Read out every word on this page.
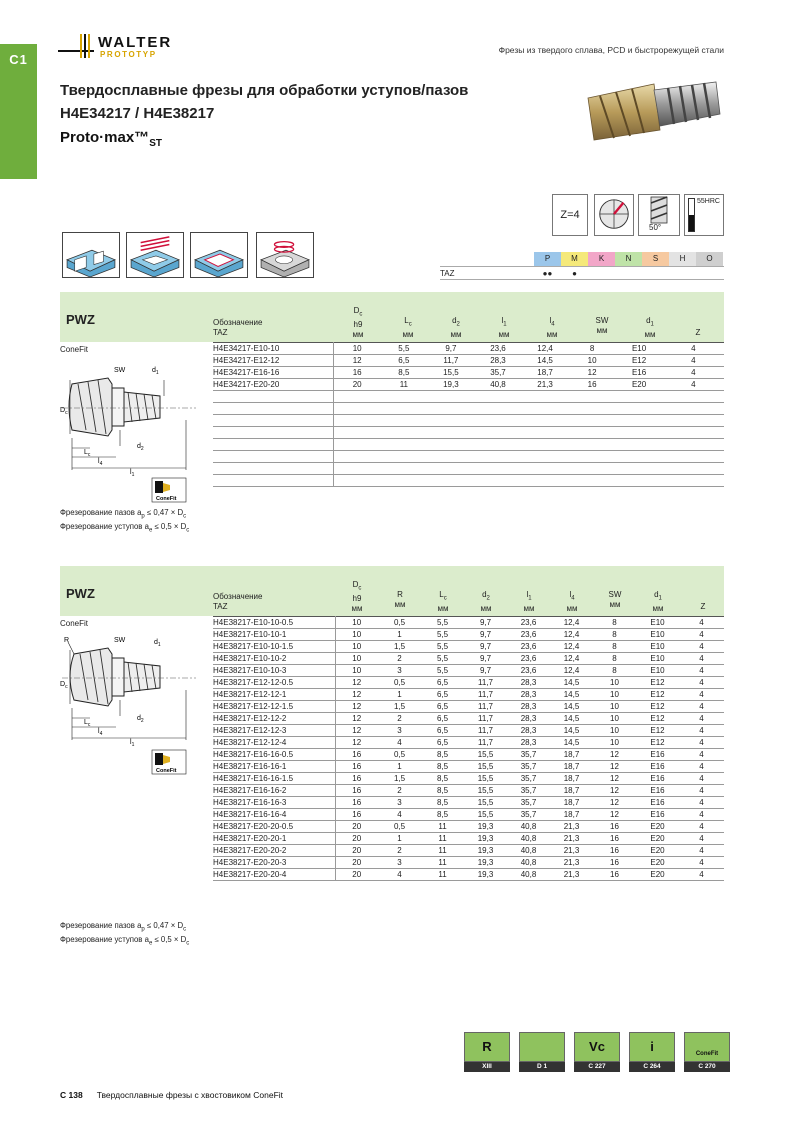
C1
WALTER
PROTOTYP	Фрезы из твердого сплава, PCD и быстрорежущей стали
Твердосплавные фрезы для обработки уступов/пазов
H4E34217 / H4E38217
$Proto\cdot\max™_{ST}$
Z=4
50°
55HRC
P	M	K	N	S	H	O
TAZ	●●	●
PWZ	Обозначение
TAZ
$D_c$
h9
мм
$L_c$
мм
$d_2$
мм
$l_1$
мм
$l_4$
мм
SW
мм
$d_1$
мм	Z
ConeFit	H4E34217-E10-10	10	5,5	9,7	23,6	12,4	8	E10	4
H4E34217-E12-12	12	6,5	11,7	28,3	14,5	10	E12	4
H4E34217-E16-16	16	8,5	15,5	35,7	18,7	12	E16	4
H4E34217-E20-20	20	11	19,3	40,8	21,3	16	E20	4

SW	$d_1$
$D_c$
$d_2$
$L_c$
$l_4$
$l_1$
ConeFit
Фрезерование пазов $a_p \le 0,47 \times D_c$
Фрезерование уступов $a_e \le 0,5 \times D_c$
PWZ	Обозначение
TAZ
$D_c$
h9
мм
R
мм
$L_c$
мм
$d_2$
мм
$l_1$
мм
$l_4$
мм
SW
мм
$d_1$
мм	Z
ConeFit	H4E38217-E10-10-0.5	10	0,5	5,5	9,7	23,6	12,4	8	E10	4
H4E38217-E10-10-1	10	1	5,5	9,7	23,6	12,4	8	E10	4
H4E38217-E10-10-1.5	10	1,5	5,5	9,7	23,6	12,4	8	E10	4
H4E38217-E10-10-2	10	2	5,5	9,7	23,6	12,4	8	E10	4
H4E38217-E10-10-3	10	3	5,5	9,7	23,6	12,4	8	E10	4
H4E38217-E12-12-0.5	12	0,5	6,5	11,7	28,3	14,5	10	E12	4
H4E38217-E12-12-1	12	1	6,5	11,7	28,3	14,5	10	E12	4
H4E38217-E12-12-1.5	12	1,5	6,5	11,7	28,3	14,5	10	E12	4
H4E38217-E12-12-2	12	2	6,5	11,7	28,3	14,5	10	E12	4
H4E38217-E12-12-3	12	3	6,5	11,7	28,3	14,5	10	E12	4
H4E38217-E12-12-4	12	4	6,5	11,7	28,3	14,5	10	E12	4
H4E38217-E16-16-0.5	16	0,5	8,5	15,5	35,7	18,7	12	E16	4
H4E38217-E16-16-1	16	1	8,5	15,5	35,7	18,7	12	E16	4
H4E38217-E16-16-1.5	16	1,5	8,5	15,5	35,7	18,7	12	E16	4
H4E38217-E16-16-2	16	2	8,5	15,5	35,7	18,7	12	E16	4
H4E38217-E16-16-3	16	3	8,5	15,5	35,7	18,7	12	E16	4
H4E38217-E16-16-4	16	4	8,5	15,5	35,7	18,7	12	E16	4
H4E38217-E20-20-0.5	20	0,5	11	19,3	40,8	21,3	16	E20	4
H4E38217-E20-20-1	20	1	11	19,3	40,8	21,3	16	E20	4
H4E38217-E20-20-2	20	2	11	19,3	40,8	21,3	16	E20	4
H4E38217-E20-20-3	20	3	11	19,3	40,8	21,3	16	E20	4
H4E38217-E20-20-4	20	4	11	19,3	40,8	21,3	16	E20	4
R	SW	$d_1$
$D_c$
$d_2$
$L_c$
$l_4$
$l_1$
ConeFit
Фрезерование пазов $a_p \le 0,47 \times D_c$
Фрезерование уступов $a_e \le 0,5 \times D_c$
R
XIII	D 1
Vc
C 227
i
C 264
ConeFit
C 270
C 138 Твердосплавные фрезы с хвостовиком ConeFit
